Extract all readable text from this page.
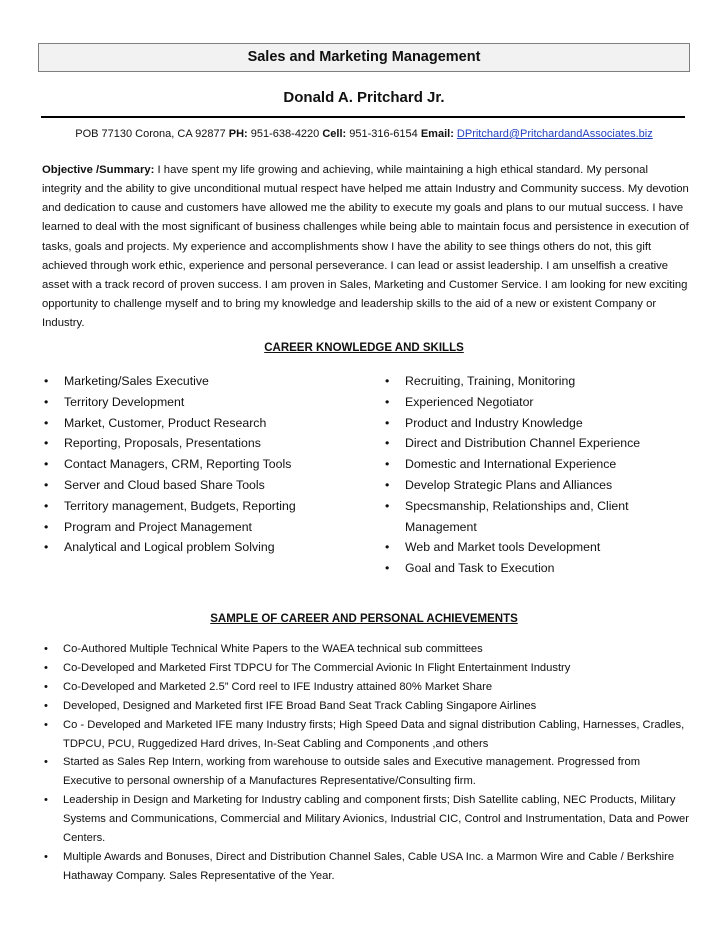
Sales and Marketing Management
Donald A. Pritchard Jr.
POB 77130 Corona, CA 92877 PH: 951-638-4220 Cell: 951-316-6154 Email: DPritchard@PritchardandAssociates.biz

Objective /Summary: I have spent my life growing and achieving, while maintaining a high ethical standard. My personal integrity and the ability to give unconditional mutual respect have helped me attain Industry and Community success. My devotion and dedication to cause and customers have allowed me the ability to execute my goals and plans to our mutual success. I have learned to deal with the most significant of business challenges while being able to maintain focus and persistence in execution of tasks, goals and projects. My experience and accomplishments show I have the ability to see things others do not, this gift achieved through work ethic, experience and personal perseverance. I can lead or assist leadership. I am unselfish a creative asset with a track record of proven success. I am proven in Sales, Marketing and Customer Service. I am looking for new exciting opportunity to challenge myself and to bring my knowledge and leadership skills to the aid of a new or existent Company or Industry.

CAREER KNOWLEDGE AND SKILLS
• Marketing/Sales Executive
• Territory Development
• Market, Customer, Product Research
• Reporting, Proposals, Presentations
• Contact Managers, CRM, Reporting Tools
• Server and Cloud based Share Tools
• Territory management, Budgets, Reporting
• Program and Project Management
• Analytical and Logical problem Solving
• Recruiting, Training, Monitoring
• Experienced Negotiator
• Product and Industry Knowledge
• Direct and Distribution Channel Experience
• Domestic and International Experience
• Develop Strategic Plans and Alliances
• Specsmanship, Relationships and, Client Management
• Web and Market tools Development
• Goal and Task to Execution
SAMPLE OF CAREER AND PERSONAL ACHIEVEMENTS
• Co-Authored Multiple Technical White Papers to the WAEA technical sub committees
• Co-Developed and Marketed First TDPCU for The Commercial Avionic In Flight Entertainment Industry
• Co-Developed and Marketed 2.5” Cord reel to IFE Industry attained 80% Market Share
• Developed, Designed and Marketed first IFE Broad Band Seat Track Cabling Singapore Airlines
• Co - Developed and Marketed IFE many Industry firsts; High Speed Data and signal distribution Cabling, Harnesses, Cradles, TDPCU, PCU, Ruggedized Hard drives, In-Seat Cabling and Components ,and others
• Started as Sales Rep Intern, working from warehouse to outside sales and Executive management. Progressed from Executive to personal ownership of a Manufactures Representative/Consulting firm.
• Leadership in Design and Marketing for Industry cabling and component firsts; Dish Satellite cabling, NEC Products, Military Systems and Communications, Commercial and Military Avionics, Industrial CIC, Control and Instrumentation, Data and Power Centers.
• Multiple Awards and Bonuses, Direct and Distribution Channel Sales, Cable USA Inc. a Marmon Wire and Cable / Berkshire Hathaway Company. Sales Representative of the Year.
